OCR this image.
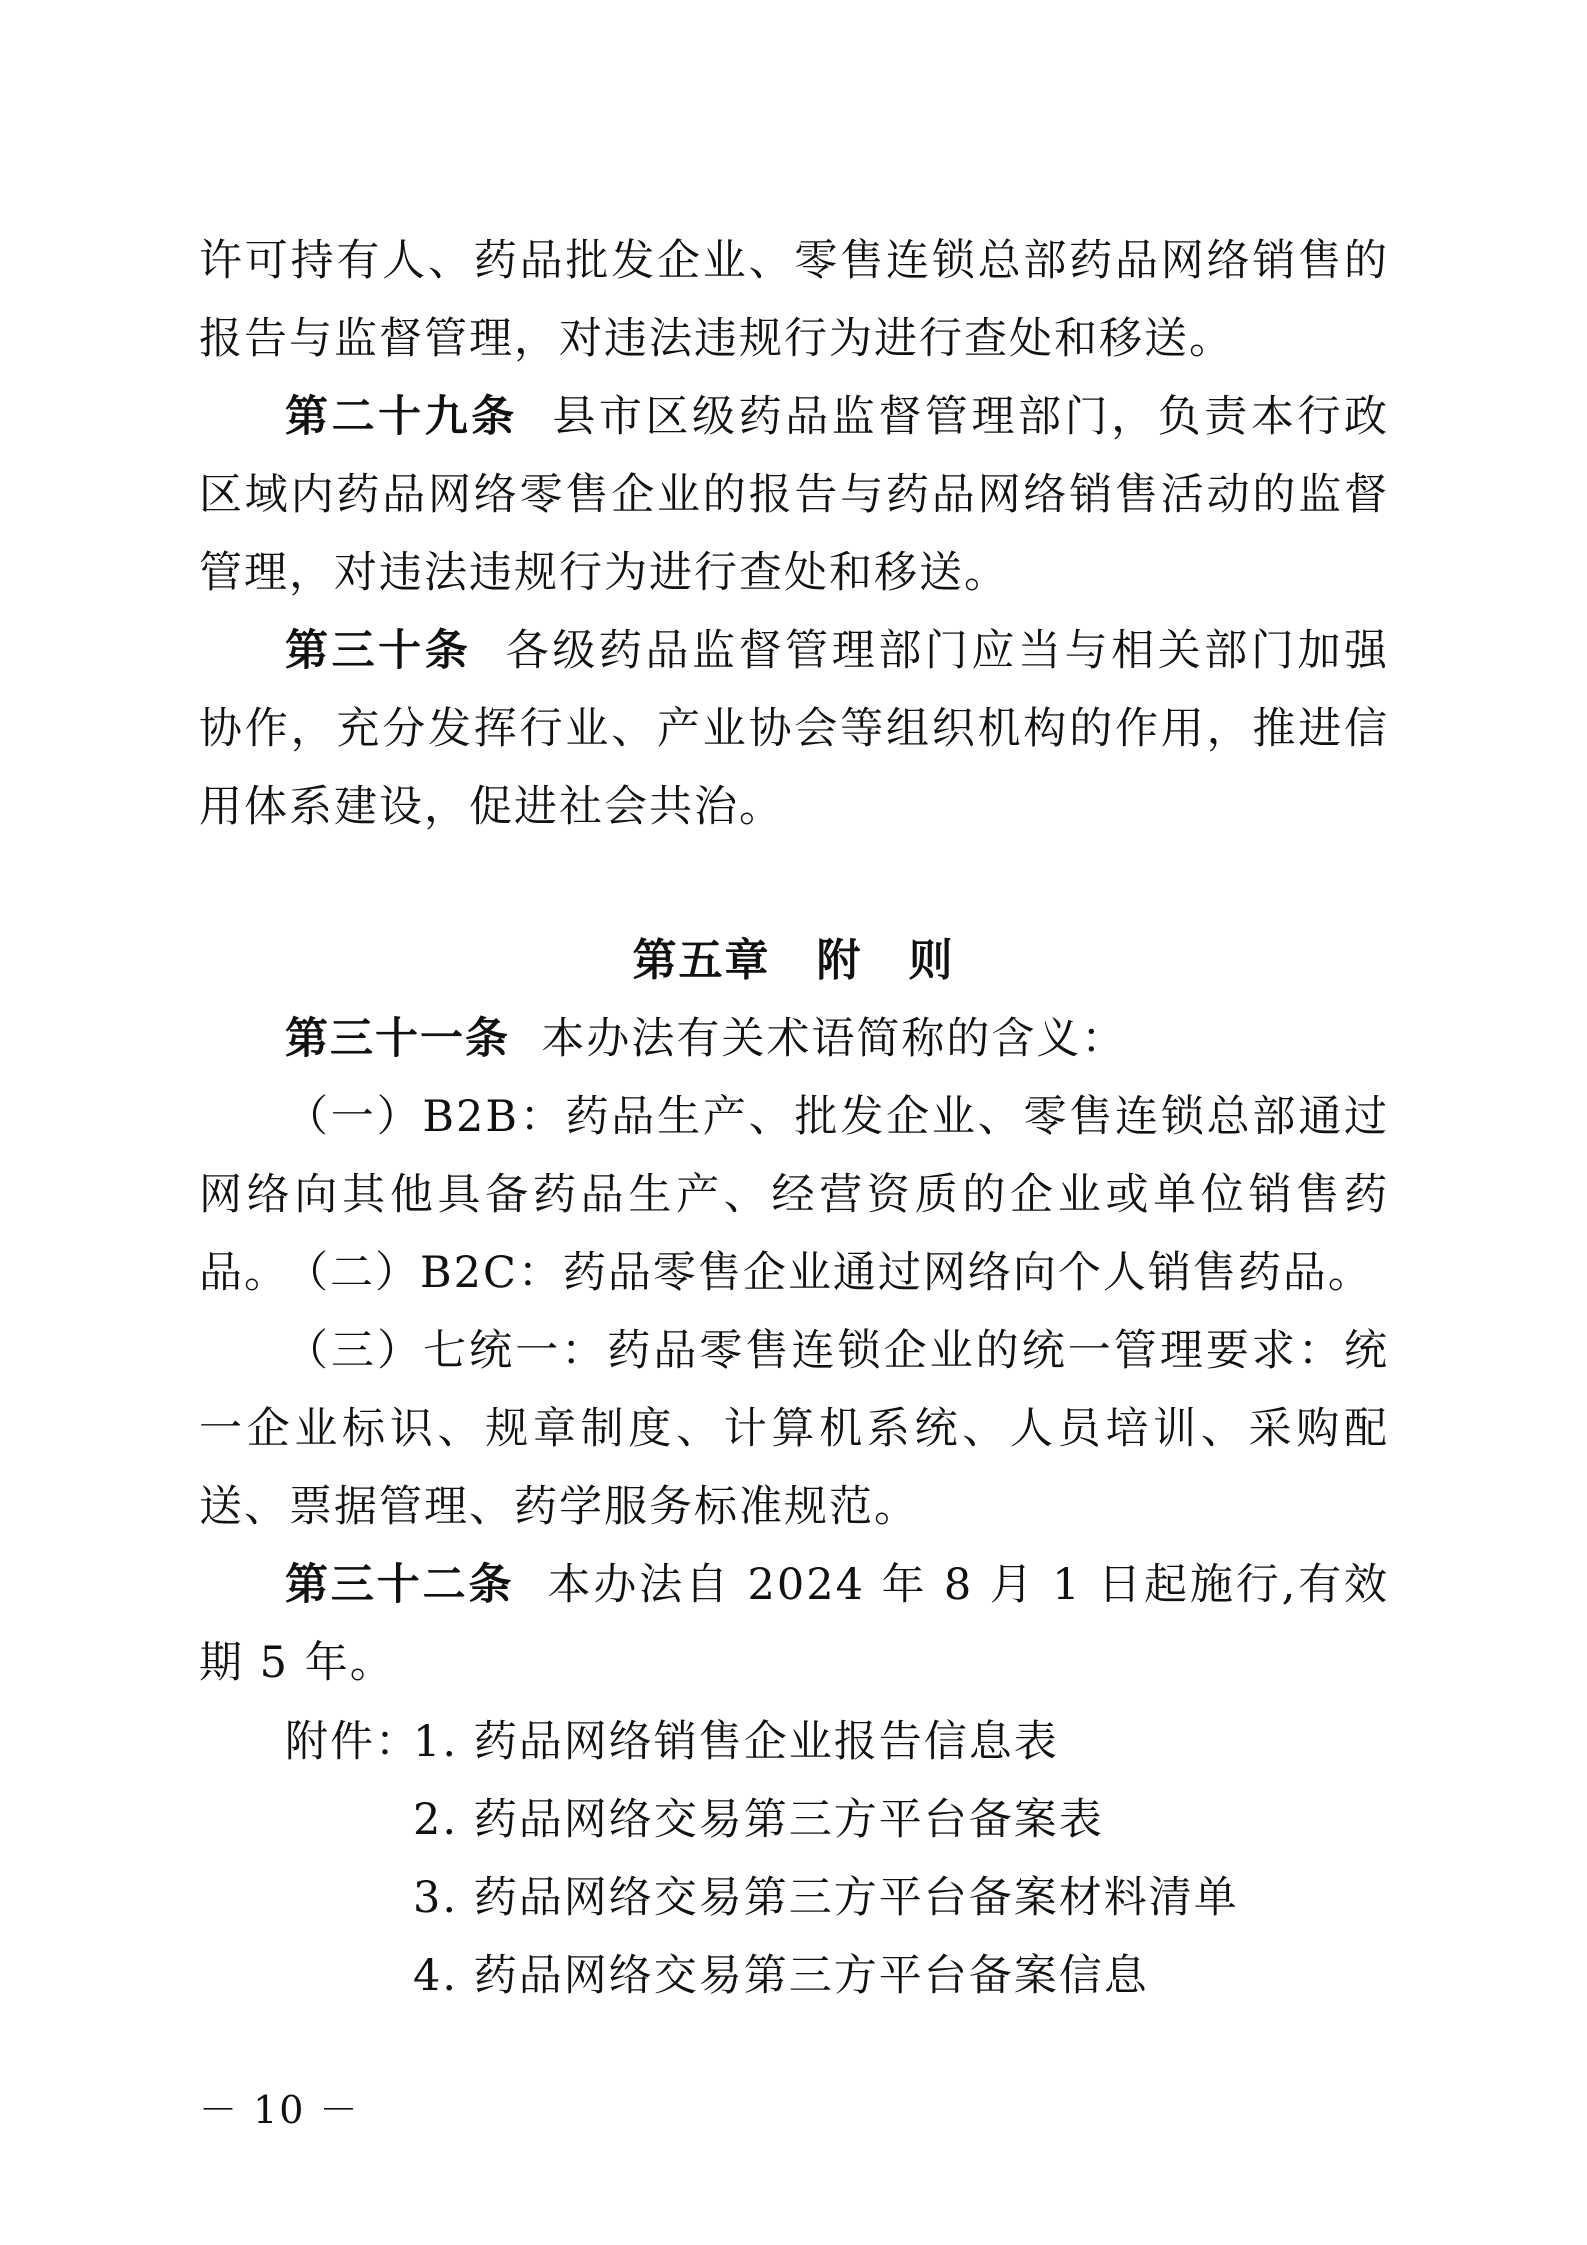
许可持有人、药品批发企业、零售连锁总部药品网络销售的报告与监督管理，对违法违规行为进行查处和移送。

第二十九条 县市区级药品监督管理部门，负责本行政区域内药品网络零售企业的报告与药品网络销售活动的监督管理，对违法违规行为进行查处和移送。

第三十条 各级药品监督管理部门应当与相关部门加强协作，充分发挥行业、产业协会等组织机构的作用，推进信用体系建设，促进社会共治。

第五章　附　则

第三十一条 本办法有关术语简称的含义：

（一）B2B：药品生产、批发企业、零售连锁总部通过网络向其他具备药品生产、经营资质的企业或单位销售药品。

（二）B2C：药品零售企业通过网络向个人销售药品。

（三）七统一：药品零售连锁企业的统一管理要求：统一企业标识、规章制度、计算机系统、人员培训、采购配送、票据管理、药学服务标准规范。

第三十二条 本办法自 2024 年 8 月 1 日起施行,有效期 5 年。

附件：
1. 药品网络销售企业报告信息表
2. 药品网络交易第三方平台备案表
3. 药品网络交易第三方平台备案材料清单
4. 药品网络交易第三方平台备案信息
－ 10 －
